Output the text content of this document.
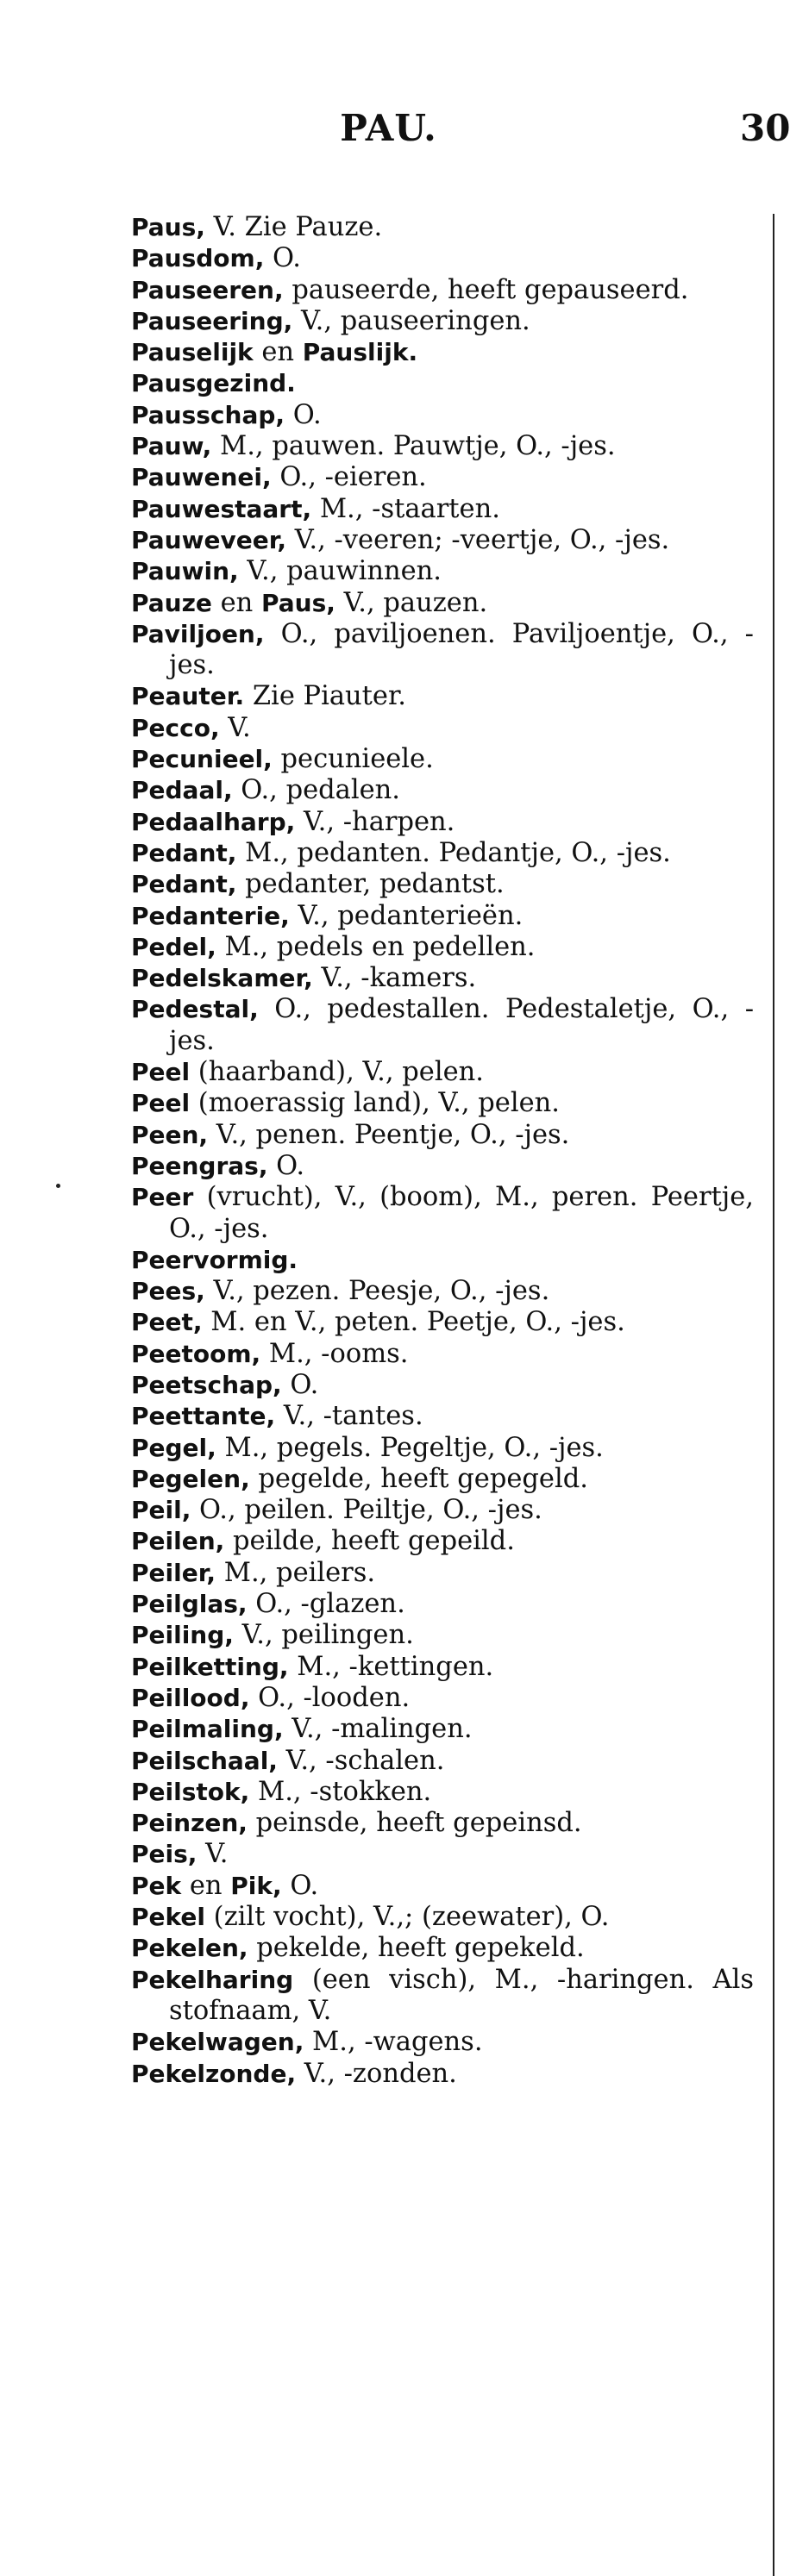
PAU.	30
Paus, V. Zie Pauze.
Pausdom, O.
Pauseeren, pauseerde, heeft gepauseerd.
Pauseering, V., pauseeringen.
Pauselijk en Pauslijk.
Pausgezind.
Pausschap, O.
Pauw, M., pauwen. Pauwtje, O., -jes.
Pauwenei, O., -eieren.
Pauwestaart, M., -staarten.
Pauweveer, V., -veeren; -veertje, O., -jes.
Pauwin, V., pauwinnen.
Pauze en Paus, V., pauzen.
Paviljoen, O., paviljoenen. Paviljoentje, O., -jes.
Peauter. Zie Piauter.
Pecco, V.
Pecunieel, pecunieele.
Pedaal, O., pedalen.
Pedaalharp, V., -harpen.
Pedant, M., pedanten. Pedantje, O., -jes.
Pedant, pedanter, pedantst.
Pedanterie, V., pedanterieën.
Pedel, M., pedels en pedellen.
Pedelskamer, V., -kamers.
Pedestal, O., pedestallen. Pedestaletje, O., -jes.
Peel (haarband), V., pelen.
Peel (moerassig land), V., pelen.
Peen, V., penen. Peentje, O., -jes.
Peengras, O.
Peer (vrucht), V., (boom), M., peren. Peertje, O., -jes.
Peervormig.
Pees, V., pezen. Peesje, O., -jes.
Peet, M. en V., peten. Peetje, O., -jes.
Peetoom, M., -ooms.
Peetschap, O.
Peettante, V., -tantes.
Pegel, M., pegels. Pegeltje, O., -jes.
Pegelen, pegelde, heeft gepegeld.
Peil, O., peilen. Peiltje, O., -jes.
Peilen, peilde, heeft gepeild.
Peiler, M., peilers.
Peilglas, O., -glazen.
Peiling, V., peilingen.
Peilketting, M., -kettingen.
Peillood, O., -looden.
Peilmaling, V., -malingen.
Peilschaal, V., -schalen.
Peilstok, M., -stokken.
Peinzen, peinsde, heeft gepeinsd.
Peis, V.
Pek en Pik, O.
Pekel (zilt vocht), V.,; (zeewater), O.
Pekelen, pekelde, heeft gepekeld.
Pekelharing (een visch), M., -haringen. Als stofnaam, V.
Pekelwagen, M., -wagens.
Pekelzonde, V., -zonden.
